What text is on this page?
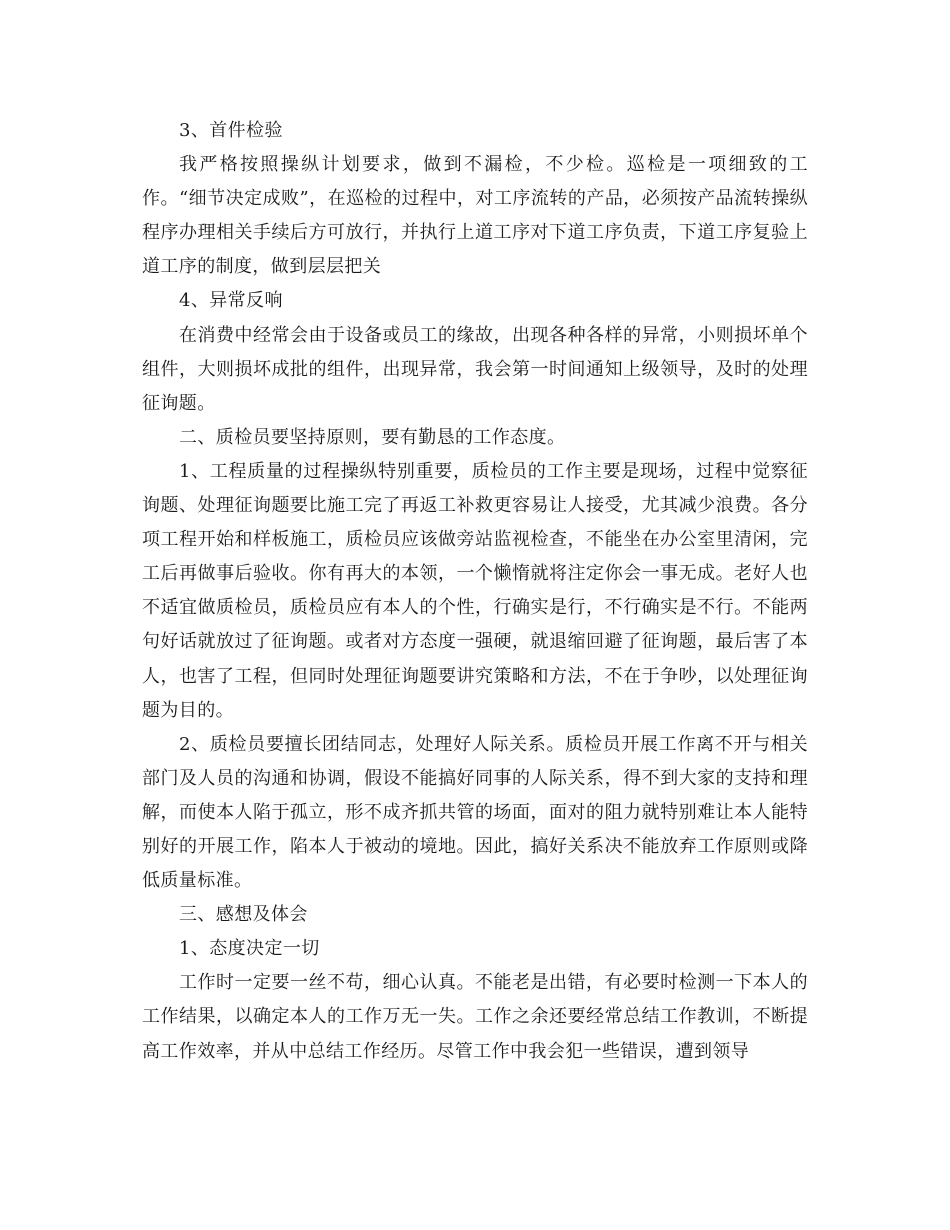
3、首件检验

我严格按照操纵计划要求，做到不漏检，不少检。巡检是一项细致的工作。“细节决定成败”，在巡检的过程中，对工序流转的产品，必须按产品流转操纵程序办理相关手续后方可放行，并执行上道工序对下道工序负责，下道工序复验上道工序的制度，做到层层把关

4、异常反响

在消费中经常会由于设备或员工的缘故，出现各种各样的异常，小则损坏单个组件，大则损坏成批的组件，出现异常，我会第一时间通知上级领导，及时的处理征询题。

二、质检员要坚持原则，要有勤恳的工作态度。

1、工程质量的过程操纵特别重要，质检员的工作主要是现场，过程中觉察征询题、处理征询题要比施工完了再返工补救更容易让人接受，尤其减少浪费。各分项工程开始和样板施工，质检员应该做旁站监视检查，不能坐在办公室里清闲，完工后再做事后验收。你有再大的本领，一个懒惰就将注定你会一事无成。老好人也不适宜做质检员，质检员应有本人的个性，行确实是行，不行确实是不行。不能两句好话就放过了征询题。或者对方态度一强硬，就退缩回避了征询题，最后害了本人，也害了工程，但同时处理征询题要讲究策略和方法，不在于争吵，以处理征询题为目的。

2、质检员要擅长团结同志，处理好人际关系。质检员开展工作离不开与相关部门及人员的沟通和协调，假设不能搞好同事的人际关系，得不到大家的支持和理解，而使本人陷于孤立，形不成齐抓共管的场面，面对的阻力就特别难让本人能特别好的开展工作，陷本人于被动的境地。因此，搞好关系决不能放弃工作原则或降低质量标准。

三、感想及体会

1、态度决定一切

工作时一定要一丝不苟，细心认真。不能老是出错，有必要时检测一下本人的工作结果，以确定本人的工作万无一失。工作之余还要经常总结工作教训，不断提高工作效率，并从中总结工作经历。尽管工作中我会犯一些错误，遭到领导
